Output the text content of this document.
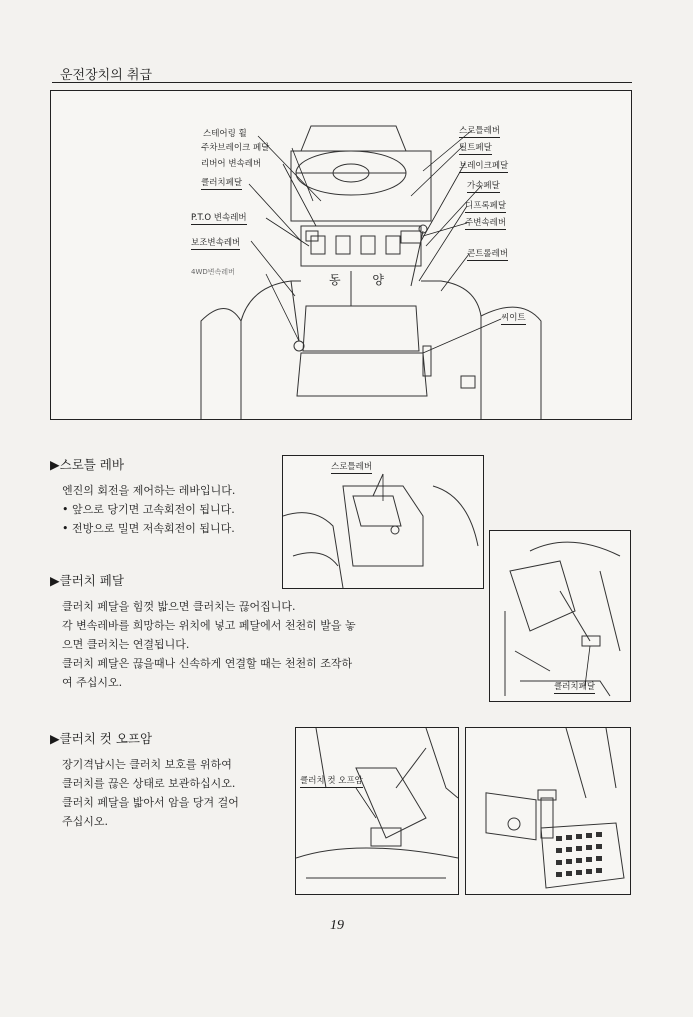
운전장치의 취급
스테어링 휠
주차브레이크 페달
리버어 변속레버
클러치페달
P.T.O 변속레버
보조변속레버
4WD변속레버
스로틀레버
틸트페달
브레이크페달
가속페달
디프록페달
주변속레버
콘트롤레버
씨이트
동 양
▶스로틀 레바
엔진의 회전을 제어하는 레바입니다.
• 앞으로 당기면 고속회전이 됩니다.
• 전방으로 밀면 저속회전이 됩니다.
스로틀레버
▶클러치 페달
클러치 페달을 힘껏 밟으면 클러치는 끊어집니다.
각 변속레바를 희망하는 위치에 넣고 페달에서 천천히 발을 놓
으면 클러치는 연결됩니다.
클러치 페달은 끊을때나 신속하게 연결할 때는 천천히 조작하
여 주십시오.	클러치페달
▶클러치 컷 오프암
장기격납시는 클러치 보호를 위하여
클러치를 끊은 상태로 보관하십시오.
클러치 페달을 밟아서 암을 당겨 걸어
주십시오.
클러치 컷 오프암
19
